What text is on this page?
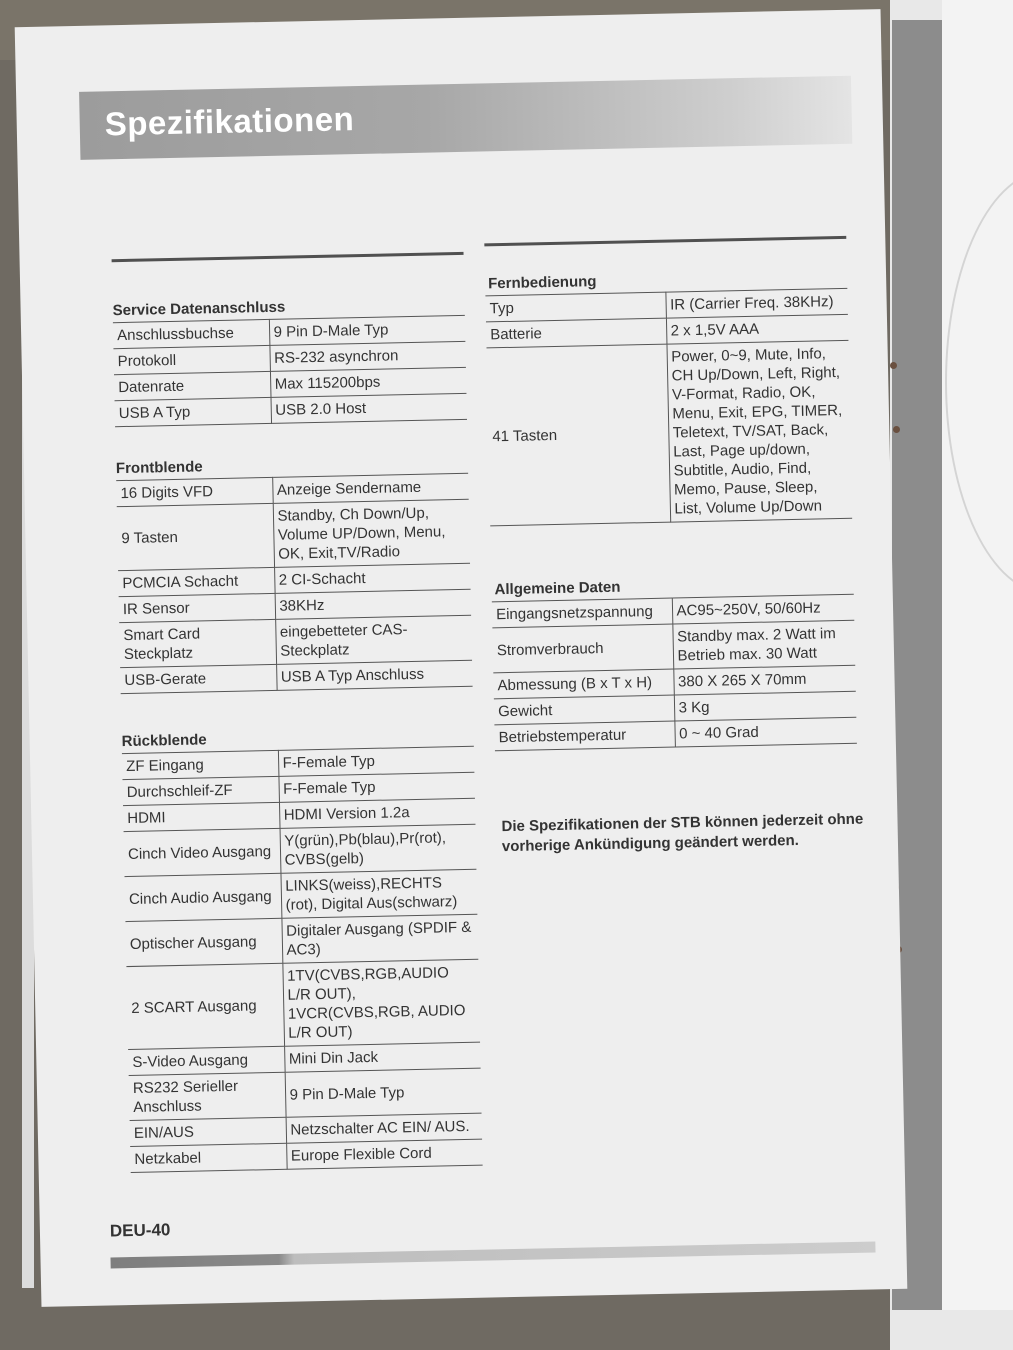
Spezifikationen
Service Datenanschluss
Anschlussbuchse	9 Pin D-Male Typ
Protokoll	RS-232 asynchron
Datenrate	Max 115200bps
USB A Typ	USB 2.0 Host
Frontblende
16 Digits VFD	Anzeige Sendername
9 Tasten	Standby, Ch Down/Up, Volume UP/Down, Menu, OK, Exit,TV/Radio
PCMCIA Schacht	2 CI-Schacht
IR Sensor	38KHz
Smart Card Steckplatz	eingebetteter CAS-Steckplatz
USB-Gerate	USB A Typ Anschluss
Rückblende
ZF Eingang	F-Female Typ
Durchschleif-ZF	F-Female Typ
HDMI	HDMI Version 1.2a
Cinch Video Ausgang	Y(grün),Pb(blau),Pr(rot), CVBS(gelb)
Cinch Audio Ausgang	LINKS(weiss),RECHTS (rot), Digital Aus(schwarz)
Optischer Ausgang	Digitaler Ausgang (SPDIF & AC3)
2 SCART Ausgang	1TV(CVBS,RGB,AUDIO L/R OUT), 1VCR(CVBS,RGB, AUDIO L/R OUT)
S-Video Ausgang	Mini Din Jack
RS232 Serieller Anschluss	9 Pin D-Male Typ
EIN/AUS	Netzschalter AC EIN/ AUS.
Netzkabel	Europe Flexible Cord
Fernbedienung
Typ	IR (Carrier Freq. 38KHz)
Batterie	2 x 1,5V AAA
41 Tasten	Power, 0~9, Mute, Info, CH Up/Down, Left, Right, V-Format, Radio, OK, Menu, Exit, EPG, TIMER, Teletext, TV/SAT, Back, Last, Page up/down, Subtitle, Audio, Find, Memo, Pause, Sleep, List, Volume Up/Down
Allgemeine Daten
Eingangsnetzspannung	AC95~250V, 50/60Hz
Stromverbrauch	Standby max. 2 Watt im Betrieb max. 30 Watt
Abmessung (B x T x H)	380 X 265 X 70mm
Gewicht	3 Kg
Betriebstemperatur	0 ~ 40 Grad
Die Spezifikationen der STB können jederzeit ohne vorherige Ankündigung geändert werden.
DEU-40
